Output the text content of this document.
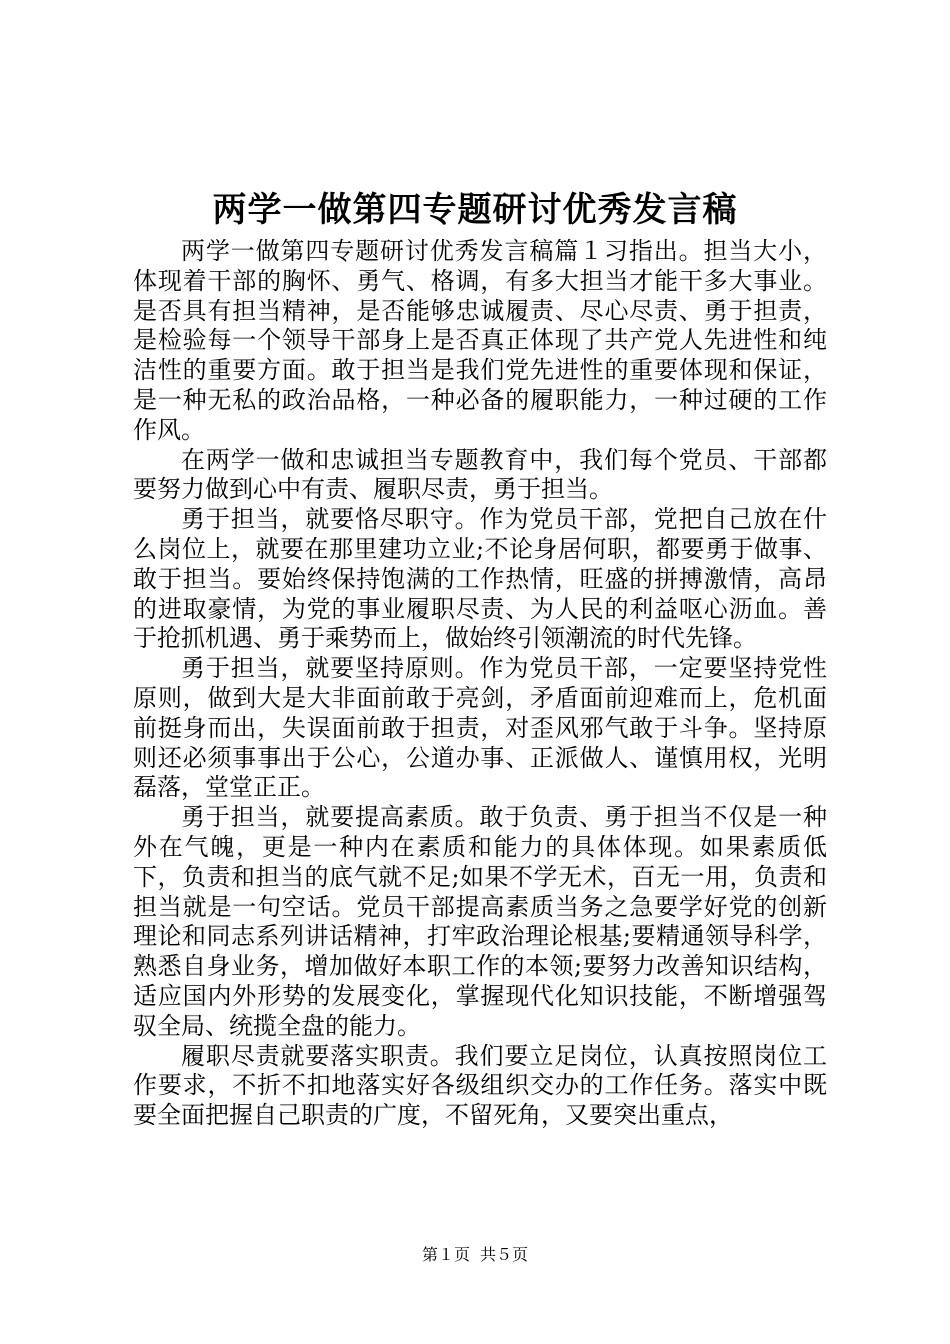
两学一做第四专题研讨优秀发言稿

两学一做第四专题研讨优秀发言稿篇１习指出。担当大小，体现着干部的胸怀、勇气、格调，有多大担当才能干多大事业。是否具有担当精神，是否能够忠诚履责、尽心尽责、勇于担责，是检验每一个领导干部身上是否真正体现了共产党人先进性和纯洁性的重要方面。敢于担当是我们党先进性的重要体现和保证，是一种无私的政治品格，一种必备的履职能力，一种过硬的工作作风。

在两学一做和忠诚担当专题教育中，我们每个党员、干部都要努力做到心中有责、履职尽责，勇于担当。

勇于担当，就要恪尽职守。作为党员干部，党把自己放在什么岗位上，就要在那里建功立业;不论身居何职，都要勇于做事、敢于担当。要始终保持饱满的工作热情，旺盛的拼搏激情，高昂的进取豪情，为党的事业履职尽责、为人民的利益呕心沥血。善于抢抓机遇、勇于乘势而上，做始终引领潮流的时代先锋。

勇于担当，就要坚持原则。作为党员干部，一定要坚持党性原则，做到大是大非面前敢于亮剑，矛盾面前迎难而上，危机面前挺身而出，失误面前敢于担责，对歪风邪气敢于斗争。坚持原则还必须事事出于公心，公道办事、正派做人、谨慎用权，光明磊落，堂堂正正。

勇于担当，就要提高素质。敢于负责、勇于担当不仅是一种外在气魄，更是一种内在素质和能力的具体体现。如果素质低下，负责和担当的底气就不足;如果不学无术，百无一用，负责和担当就是一句空话。党员干部提高素质当务之急要学好党的创新理论和同志系列讲话精神，打牢政治理论根基;要精通领导科学，熟悉自身业务，增加做好本职工作的本领;要努力改善知识结构，适应国内外形势的发展变化，掌握现代化知识技能，不断增强驾驭全局、统揽全盘的能力。

履职尽责就要落实职责。我们要立足岗位，认真按照岗位工作要求，不折不扣地落实好各级组织交办的工作任务。落实中既要全面把握自己职责的广度，不留死角，又要突出重点，

第１页 共５页
